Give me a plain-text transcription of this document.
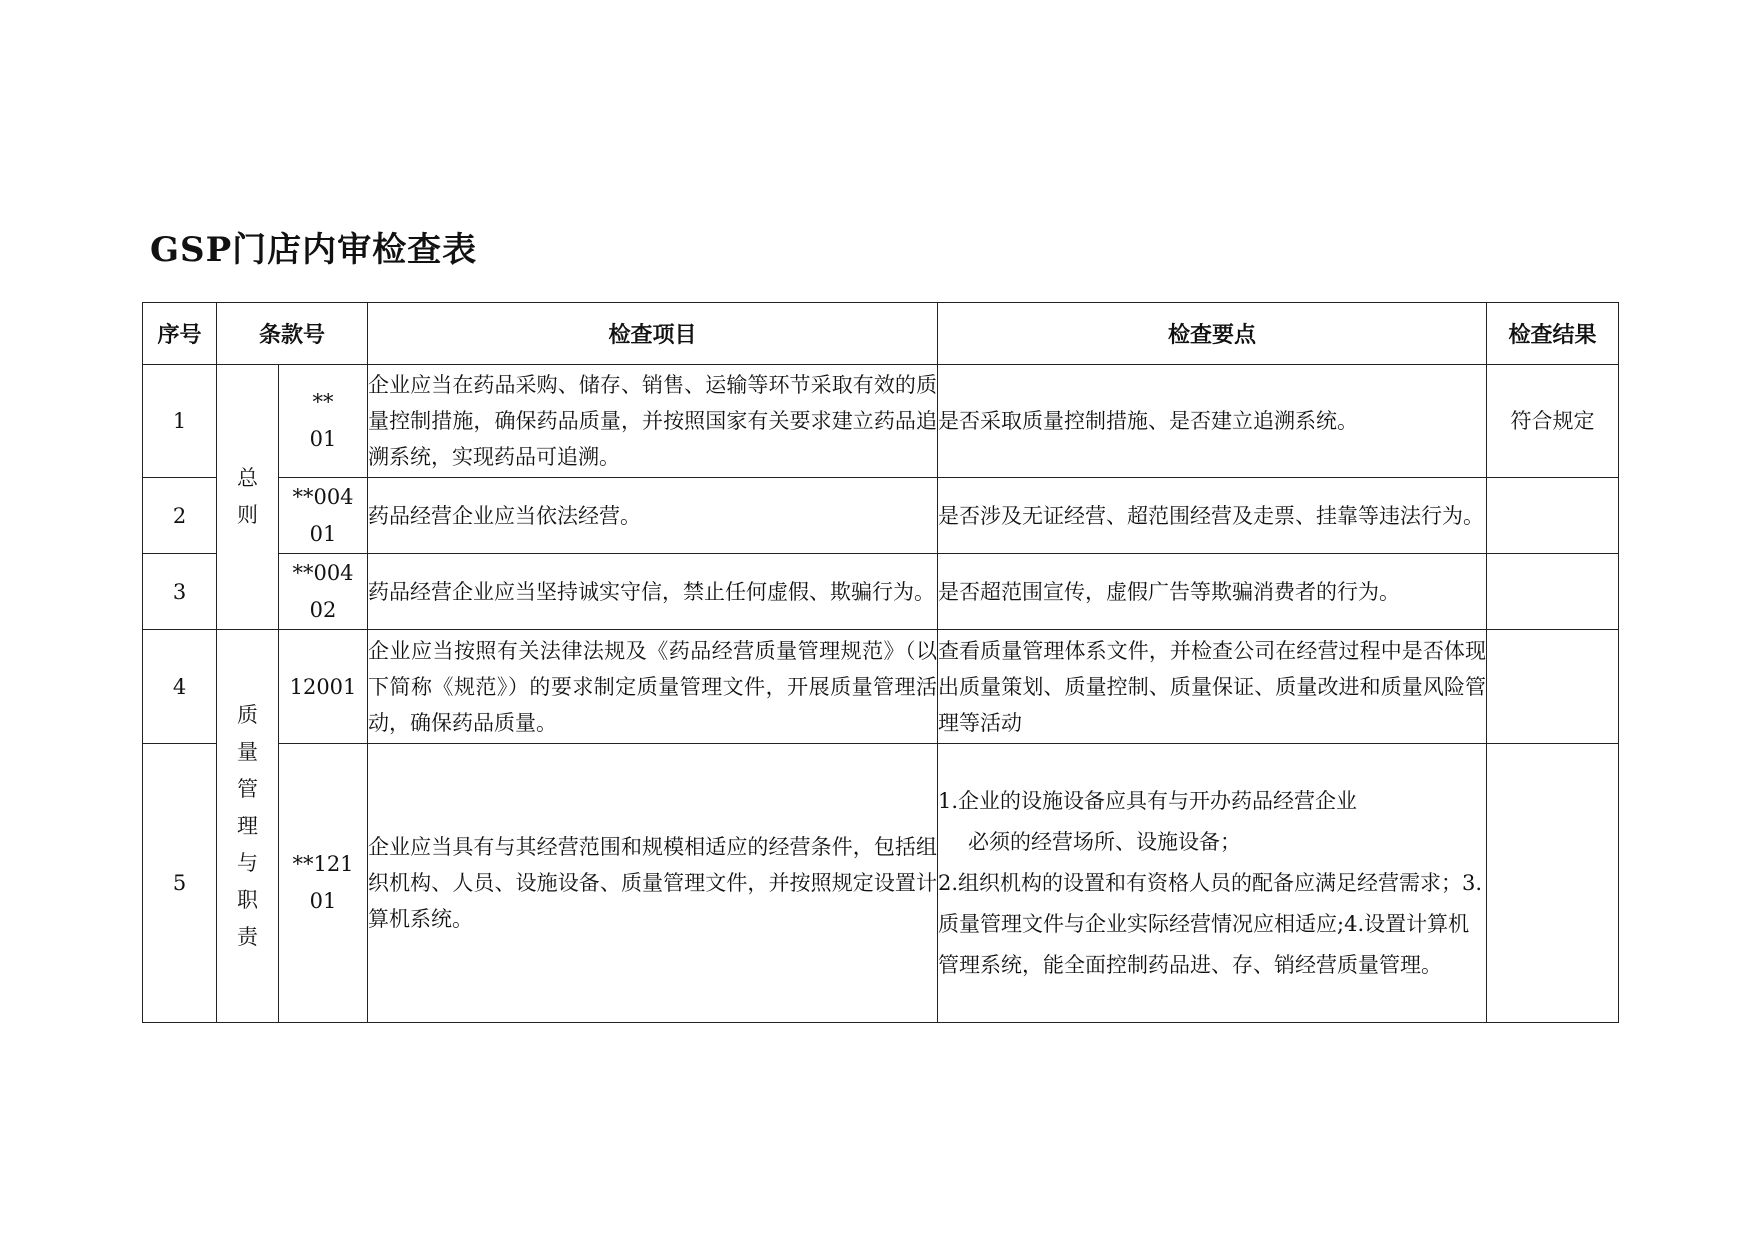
GSP门店内审检查表
序号	条款号		检查项目	检查要点	检查结果
1	总则	**01	企业应当在药品采购、储存、销售、运输等环节采取有效的质量控制措施，确保药品质量，并按照国家有关要求建立药品追溯系统，实现药品可追溯。	是否采取质量控制措施、是否建立追溯系统。	符合规定
2		**00401	药品经营企业应当依法经营。	是否涉及无证经营、超范围经营及走票、挂靠等违法行为。	
3		**00402	药品经营企业应当坚持诚实守信，禁止任何虚假、欺骗行为。	是否超范围宣传，虚假广告等欺骗消费者的行为。	
4	质量管理与职责	12001	企业应当按照有关法律法规及《药品经营质量管理规范》（以下简称《规范》）的要求制定质量管理文件，开展质量管理活动，确保药品质量。	查看质量管理体系文件，并检查公司在经营过程中是否体现出质量策划、质量控制、质量保证、质量改进和质量风险管理等活动	
5		**12101	企业应当具有与其经营范围和规模相适应的经营条件，包括组织机构、人员、设施设备、质量管理文件，并按照规定设置计算机系统。	1.企业的设施设备应具有与开办药品经营企业
必须的经营场所、设施设备；
2.组织机构的设置和有资格人员的配备应满足经营需求；3.质量管理文件与企业实际经营情况应相适应;4.设置计算机管理系统，能全面控制药品进、存、销经营质量管理。	
